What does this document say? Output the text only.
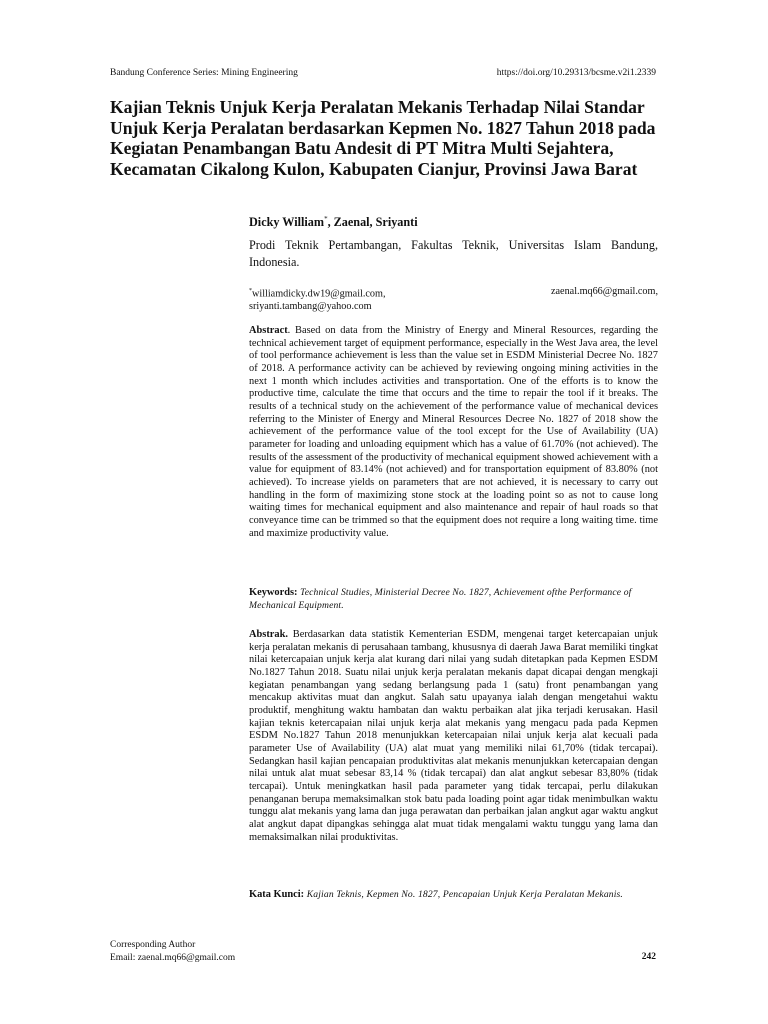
Bandung Conference Series: Mining Engineering	https://doi.org/10.29313/bcsme.v2i1.2339
Kajian Teknis Unjuk Kerja Peralatan Mekanis Terhadap Nilai Standar Unjuk Kerja Peralatan berdasarkan Kepmen No. 1827 Tahun 2018 pada Kegiatan Penambangan Batu Andesit di PT Mitra Multi Sejahtera, Kecamatan Cikalong Kulon, Kabupaten Cianjur, Provinsi Jawa Barat
Dicky William*, Zaenal, Sriyanti
Prodi Teknik Pertambangan, Fakultas Teknik, Universitas Islam Bandung, Indonesia.
*williamdicky.dw19@gmail.com,	zaenal.mq66@gmail.com,
sriyanti.tambang@yahoo.com

Abstract. Based on data from the Ministry of Energy and Mineral Resources, regarding the technical achievement target of equipment performance, especially in the West Java area, the level of tool performance achievement is less than the value set in ESDM Ministerial Decree No. 1827 of 2018. A performance activity can be achieved by reviewing ongoing mining activities in the next 1 month which includes activities and transportation. One of the efforts is to know the productive time, calculate the time that occurs and the time to repair the tool if it breaks. The results of a technical study on the achievement of the performance value of mechanical devices referring to the Minister of Energy and Mineral Resources Decree No. 1827 of 2018 show the achievement of the performance value of the tool except for the Use of Availability (UA) parameter for loading and unloading equipment which has a value of 61.70% (not achieved). The results of the assessment of the productivity of mechanical equipment showed achievement with a value for equipment of 83.14% (not achieved) and for transportation equipment of 83.80% (not achieved). To increase yields on parameters that are not achieved, it is necessary to carry out handling in the form of maximizing stone stock at the loading point so as not to cause long waiting times for mechanical equipment and also maintenance and repair of haul roads so that conveyance time can be trimmed so that the equipment does not require a long waiting time. time and maximize productivity value.

Keywords: Technical Studies, Ministerial Decree No. 1827, Achievement ofthe Performance of Mechanical Equipment.

Abstrak. Berdasarkan data statistik Kementerian ESDM, mengenai target ketercapaian unjuk kerja peralatan mekanis di perusahaan tambang, khususnya di daerah Jawa Barat memiliki tingkat nilai ketercapaian unjuk kerja alat kurang dari nilai yang sudah ditetapkan pada Kepmen ESDM No.1827 Tahun 2018. Suatu nilai unjuk kerja peralatan mekanis dapat dicapai dengan mengkaji kegiatan penambangan yang sedang berlangsung pada 1 (satu) front penambangan yang mencakup aktivitas muat dan angkut. Salah satu upayanya ialah dengan mengetahui waktu produktif, menghitung waktu hambatan dan waktu perbaikan alat jika terjadi kerusakan. Hasil kajian teknis ketercapaian nilai unjuk kerja alat mekanis yang mengacu pada pada Kepmen ESDM No.1827 Tahun 2018 menunjukkan ketercapaian nilai unjuk kerja alat kecuali pada parameter Use of Availability (UA) alat muat yang memiliki nilai 61,70% (tidak tercapai). Sedangkan hasil kajian pencapaian produktivitas alat mekanis menunjukkan ketercapaian dengan nilai untuk alat muat sebesar 83,14 % (tidak tercapai) dan alat angkut sebesar 83,80% (tidak tercapai). Untuk meningkatkan hasil pada parameter yang tidak tercapai, perlu dilakukan penanganan berupa memaksimalkan stok batu pada loading point agar tidak menimbulkan waktu tunggu alat mekanis yang lama dan juga perawatan dan perbaikan jalan angkut agar waktu angkut alat angkut dapat dipangkas sehingga alat muat tidak mengalami waktu tunggu yang lama dan memaksimalkan nilai produktivitas.

Kata Kunci: Kajian Teknis, Kepmen No. 1827, Pencapaian Unjuk Kerja Peralatan Mekanis.

Corresponding Author
Email: zaenal.mq66@gmail.com	242
